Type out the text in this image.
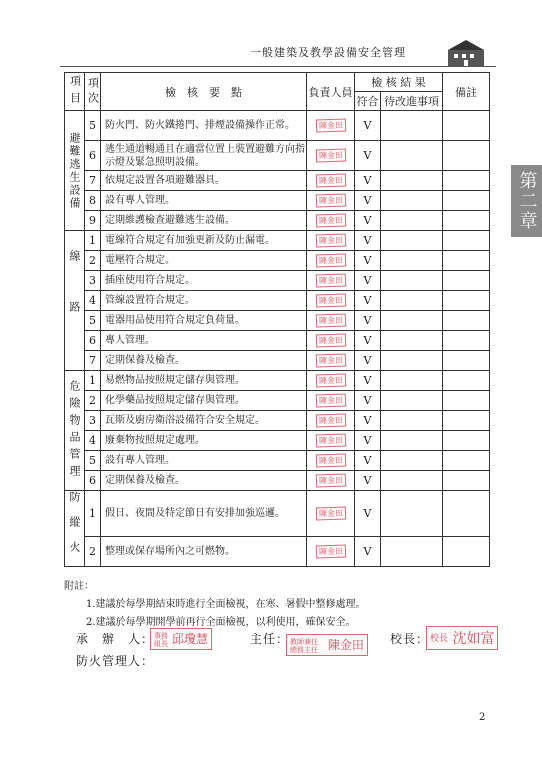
一般建築及教學設備安全管理
第二章
項目	項次	檢　核　要　點	負責人員	檢 核 結 果		備註
				符合	待改進事項	
避難逃生設備	5	防火門、防火鐵捲門、排煙設備操作正常。	陳金田	V		
	6	逃生通道暢通且在適當位置上裝置避難方向指示燈及緊急照明設備。	陳金田	V		
	7	依規定設置各項避難器具。	陳金田	V		
	8	設有專人管理。	陳金田	V		
	9	定期維護檢查避難逃生設備。	陳金田	V		
線路	1	電線符合規定有加強更新及防止漏電。	陳金田	V		
	2	電壓符合規定。	陳金田	V		
	3	插座使用符合規定。	陳金田	V		
	4	管線設置符合規定。	陳金田	V		
	5	電器用品使用符合規定負荷量。	陳金田	V		
	6	專人管理。	陳金田	V		
	7	定期保養及檢查。	陳金田	V		
危險物品管理	1	易燃物品按照規定儲存與管理。	陳金田	V		
	2	化學藥品按照規定儲存與管理。	陳金田	V		
	3	瓦斯及廚房衛浴設備符合安全規定。	陳金田	V		
	4	廢棄物按照規定處理。	陳金田	V		
	5	設有專人管理。	陳金田	V		
	6	定期保養及檢查。	陳金田	V		
防縱火	1	假日、夜間及特定節日有安排加強巡邏。	陳金田	V		
	2	整理或保存場所內之可燃物。	陳金田	V		
附註：
1.建議於每學期結束時進行全面檢視，在寒、暑假中整修處理。
2.建議於每學期開學前再行全面檢視，以利使用，確保安全。
承　辦　人： 事務組長 邱瓊慧	主任： 教師兼任總務主任 陳金田	校長： 校長 沈如富
防火管理人：
2
